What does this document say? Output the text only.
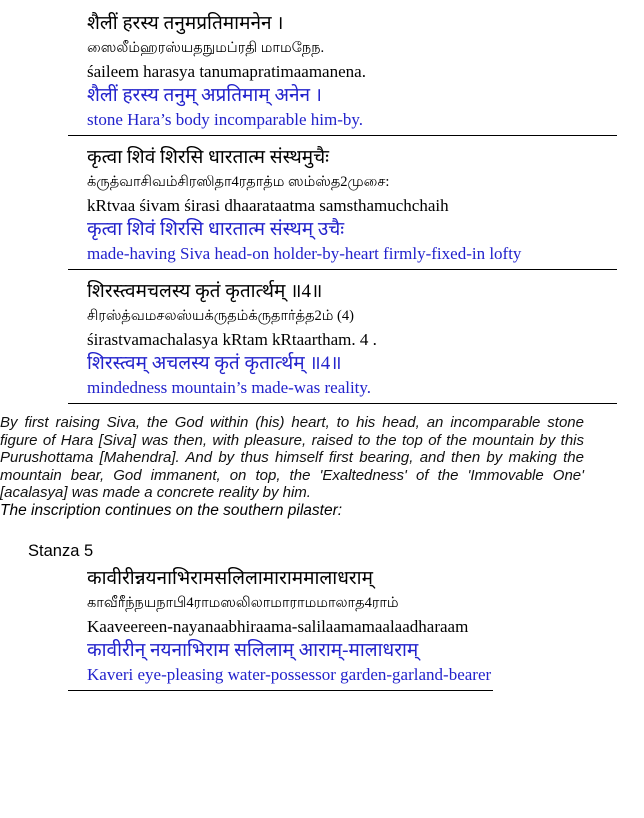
शैलीं हरस्य तनुमप्रतिमामनेन ।

ஸைலீம்ஹரஸ்யதநுமப்ரதி மாமநேந.

śaileem harasya tanumapratimaamanena.

शैलीं हरस्य तनुम् अप्रतिमाम् अनेन ।

stone Hara’s body incomparable him-by.

कृत्वा शिवं शिरसि धारतात्म संस्थमुचैः

க்ருத்வாசிவம்சிரஸிதா4ரதாத்ம ஸம்ஸ்த2முசை:

kRtvaa śivam śirasi dhaarataatma samsthamuchchaih

कृत्वा शिवं शिरसि धारतात्म संस्थम् उचैः

made-having Siva head-on holder-by-heart firmly-fixed-in lofty

शिरस्त्वमचलस्य कृतं कृतार्त्थम् ॥4॥

சிரஸ்த்வமசலஸ்யக்ருதம்க்ருதார்த்த2ம் (4)

śirastvamachalasya kRtam kRtaartham. 4 .

शिरस्त्वम् अचलस्य कृतं कृतार्त्थम् ॥4॥

mindedness mountain’s made-was reality.

By first raising Siva, the God within (his) heart, to his head, an incomparable stone figure of Hara [Siva] was then, with pleasure, raised to the top of the mountain by this Purushottama [Mahendra]. And by thus himself first bearing, and then by making the mountain bear, God immanent, on top, the 'Exaltedness' of the 'Immovable One' [acalasya] was made a concrete reality by him.

The inscription continues on the southern pilaster:

Stanza 5

कावीरीन्नयनाभिरामसलिलामाराममालाधराम्

காவீரீந்நயநாபி4ராமஸலிலாமாராமமாலாத4ராம்

Kaaveereen-nayanaabhiraama-salilaamamaalaadharaam

कावीरीन् नयनाभिराम सलिलाम् आराम्-मालाधराम्

Kaveri eye-pleasing water-possessor garden-garland-bearer
